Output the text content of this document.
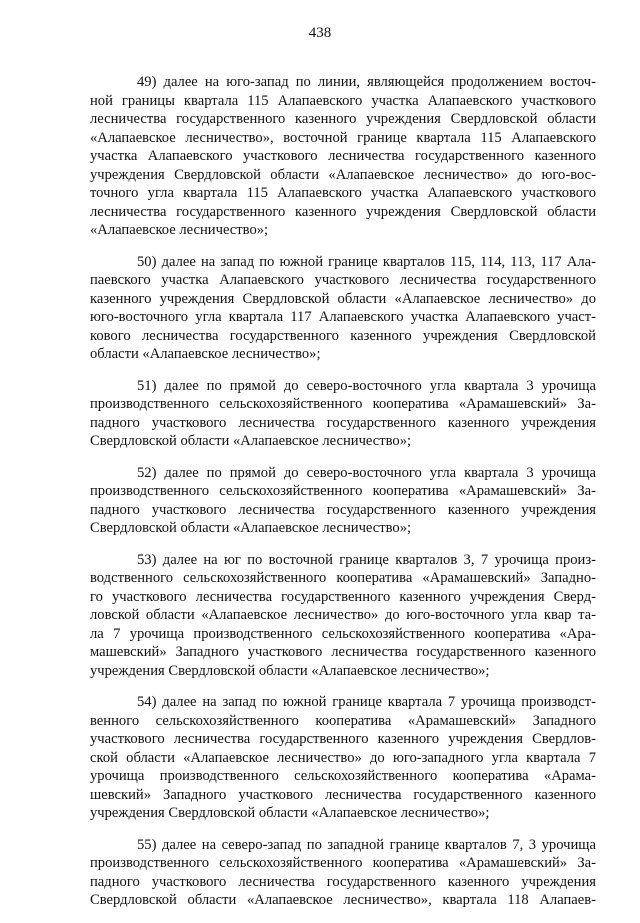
438

49) далее на юго-запад по линии, являющейся продолжением восточ-
ной границы квартала 115 Алапаевского участка Алапаевского участкового
лесничества государственного казенного учреждения Свердловской области
«Алапаевское лесничество», восточной границе квартала 115 Алапаевского
участка Алапаевского участкового лесничества государственного казенного
учреждения Свердловской области «Алапаевское лесничество» до юго-вос-
точного угла квартала 115 Алапаевского участка Алапаевского участкового
лесничества государственного казенного учреждения Свердловской области
«Алапаевское лесничество»;

50) далее на запад по южной границе кварталов 115, 114, 113, 117 Ала-
паевского участка Алапаевского участкового лесничества государственного
казенного учреждения Свердловской области «Алапаевское лесничество» до
юго-восточного угла квартала 117 Алапаевского участка Алапаевского участ-
кового лесничества государственного казенного учреждения Свердловской
области «Алапаевское лесничество»;

51) далее по прямой до северо-восточного угла квартала 3 урочища
производственного сельскохозяйственного кооператива «Арамашевский» За-
падного участкового лесничества государственного казенного учреждения
Свердловской области «Алапаевское лесничество»;

52) далее по прямой до северо-восточного угла квартала 3 урочища
производственного сельскохозяйственного кооператива «Арамашевский» За-
падного участкового лесничества государственного казенного учреждения
Свердловской области «Алапаевское лесничество»;

53) далее на юг по восточной границе кварталов 3, 7 урочища произ-
водственного сельскохозяйственного кооператива «Арамашевский» Западно-
го участкового лесничества государственного казенного учреждения Сверд-
ловской области «Алапаевское лесничество» до юго-восточного угла квар та-
ла 7 урочища производственного сельскохозяйственного кооператива «Ара-
машевский» Западного участкового лесничества государственного казенного
учреждения Свердловской области «Алапаевское лесничество»;

54) далее на запад по южной границе квартала 7 урочища производст-
венного сельскохозяйственного кооператива «Арамашевский» Западного
участкового лесничества государственного казенного учреждения Свердлов-
ской области «Алапаевское лесничество» до юго-западного угла квартала 7
урочища производственного сельскохозяйственного кооператива «Арама-
шевский» Западного участкового лесничества государственного казенного
учреждения Свердловской области «Алапаевское лесничество»;

55) далее на северо-запад по западной границе кварталов 7, 3 урочища
производственного сельскохозяйственного кооператива «Арамашевский» За-
падного участкового лесничества государственного казенного учреждения
Свердловской области «Алапаевское лесничество», квартала 118 Алапаев-
